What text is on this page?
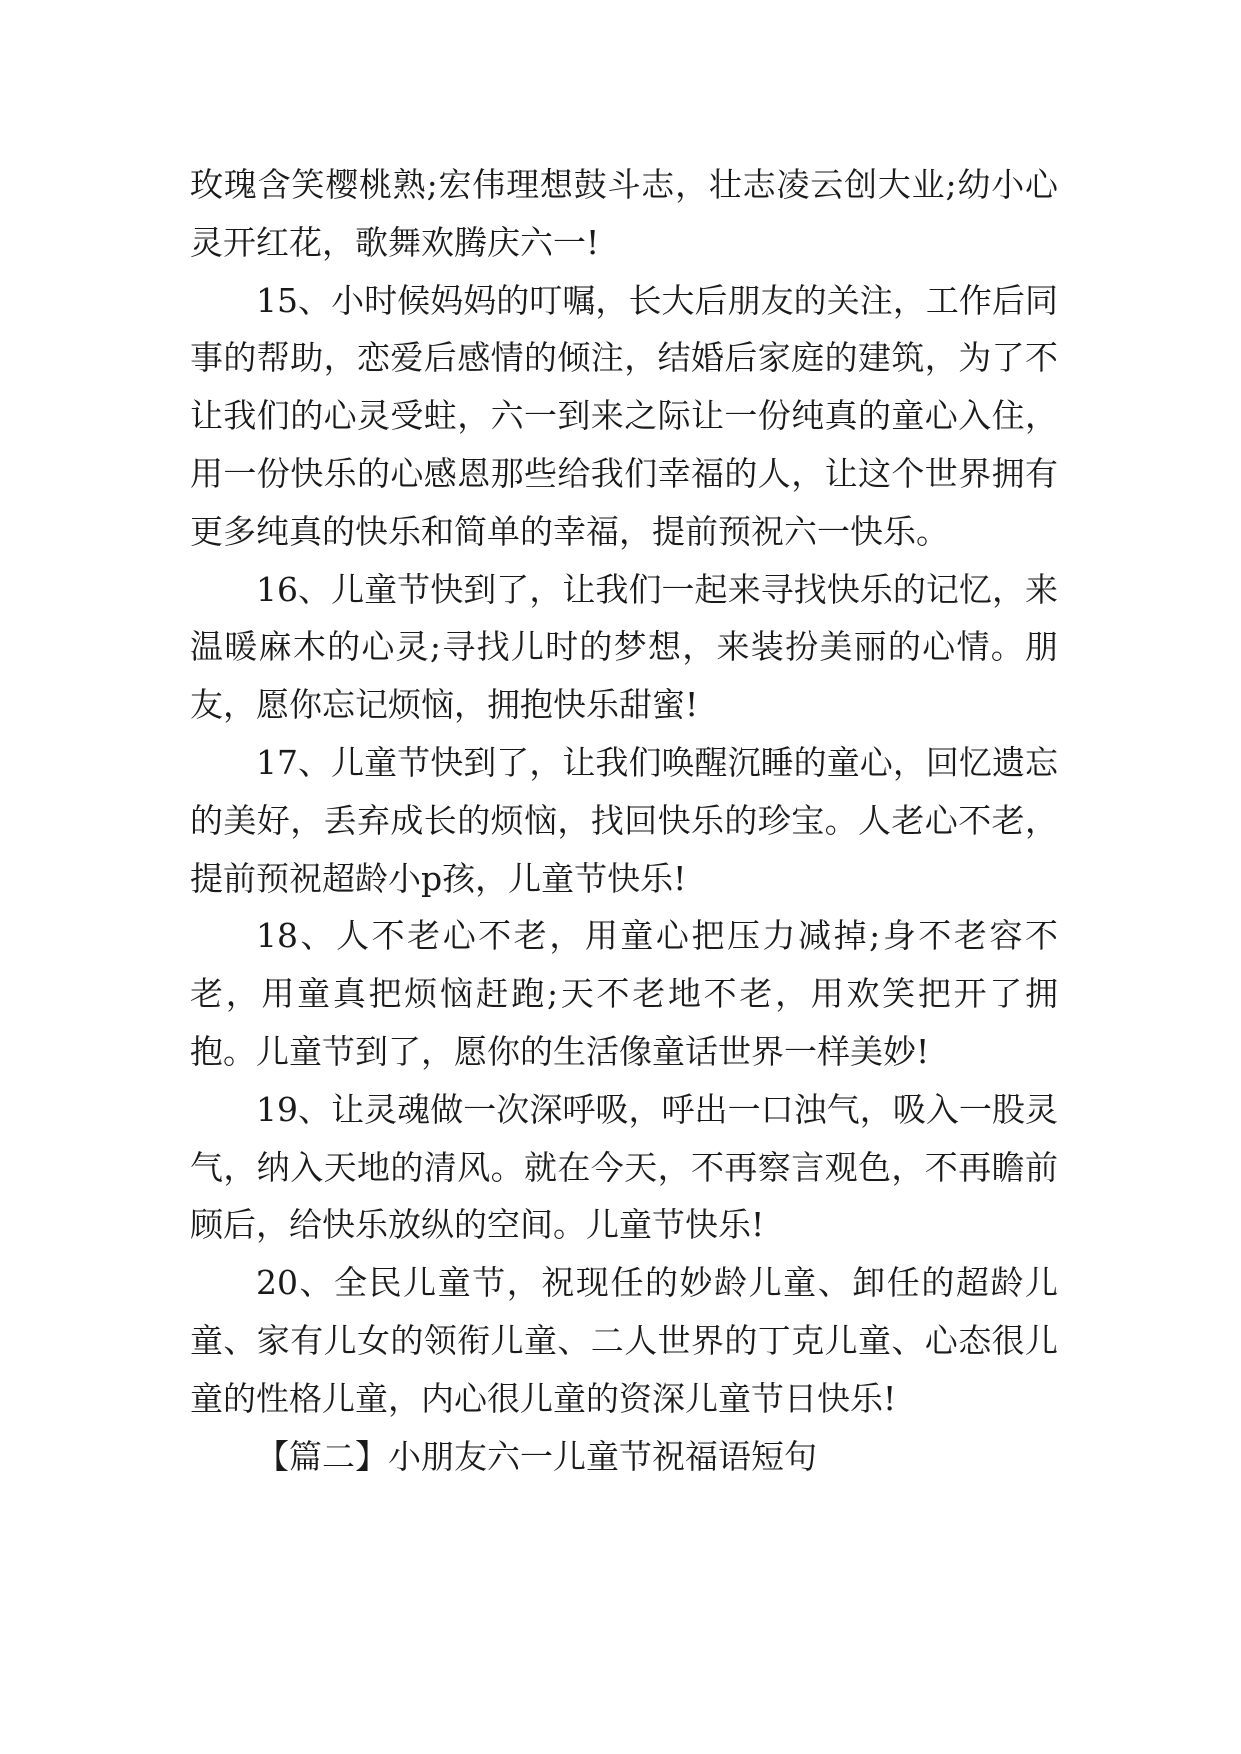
玫瑰含笑樱桃熟;宏伟理想鼓斗志，壮志凌云创大业;幼小心灵开红花，歌舞欢腾庆六一!

15、小时候妈妈的叮嘱，长大后朋友的关注，工作后同事的帮助，恋爱后感情的倾注，结婚后家庭的建筑，为了不让我们的心灵受蛀，六一到来之际让一份纯真的童心入住，用一份快乐的心感恩那些给我们幸福的人，让这个世界拥有更多纯真的快乐和简单的幸福，提前预祝六一快乐。

16、儿童节快到了，让我们一起来寻找快乐的记忆，来温暖麻木的心灵;寻找儿时的梦想，来装扮美丽的心情。朋友，愿你忘记烦恼，拥抱快乐甜蜜!

17、儿童节快到了，让我们唤醒沉睡的童心，回忆遗忘的美好，丢弃成长的烦恼，找回快乐的珍宝。人老心不老，提前预祝超龄小p孩，儿童节快乐!

18、人不老心不老，用童心把压力减掉;身不老容不老，用童真把烦恼赶跑;天不老地不老，用欢笑把开了拥抱。儿童节到了，愿你的生活像童话世界一样美妙!

19、让灵魂做一次深呼吸，呼出一口浊气，吸入一股灵气，纳入天地的清风。就在今天，不再察言观色，不再瞻前顾后，给快乐放纵的空间。儿童节快乐!

20、全民儿童节，祝现任的妙龄儿童、卸任的超龄儿童、家有儿女的领衔儿童、二人世界的丁克儿童、心态很儿童的性格儿童，内心很儿童的资深儿童节日快乐!

【篇二】小朋友六一儿童节祝福语短句
